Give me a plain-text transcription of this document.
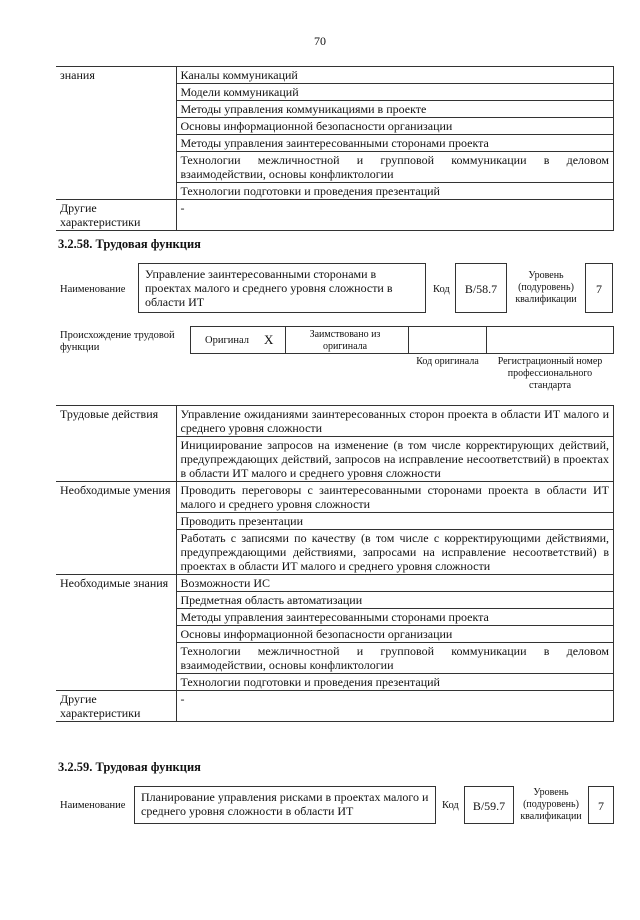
70
знания	Каналы коммуникаций
	Модели коммуникаций
	Методы управления коммуникациями в проекте
	Основы информационной безопасности организации
	Методы управления заинтересованными сторонами проекта
	Технологии межличностной и групповой коммуникации в деловом взаимодействии, основы конфликтологии
	Технологии подготовки и проведения презентаций
Другие характеристики	-
3.2.58. Трудовая функция
Наименование
Управление заинтересованными сторонами в проектах малого и среднего уровня сложности в области ИТ
Код	B/58.7
Уровень (подуровень) квалификации
7
Происхождение трудовой функции
Оригинал X	Заимствовано из оригинала
Код оригинала	Регистрационный номер профессионального стандарта
Трудовые действия	Управление ожиданиями заинтересованных сторон проекта в области ИТ малого и среднего уровня сложности
	Инициирование запросов на изменение (в том числе корректирующих действий, предупреждающих действий, запросов на исправление несоответствий) в проектах в области ИТ малого и среднего уровня сложности
Необходимые умения	Проводить переговоры с заинтересованными сторонами проекта в области ИТ малого и среднего уровня сложности
	Проводить презентации
	Работать с записями по качеству (в том числе с корректирующими действиями, предупреждающими действиями, запросами на исправление несоответствий) в проектах в области ИТ малого и среднего уровня сложности
Необходимые знания	Возможности ИС
	Предметная область автоматизации
	Методы управления заинтересованными сторонами проекта
	Основы информационной безопасности организации
	Технологии межличностной и групповой коммуникации в деловом взаимодействии, основы конфликтологии
	Технологии подготовки и проведения презентаций
Другие характеристики	-
3.2.59. Трудовая функция
Наименование
Планирование управления рисками в проектах малого и среднего уровня сложности в области ИТ	Код	B/59.7
Уровень (подуровень) квалификации
7
